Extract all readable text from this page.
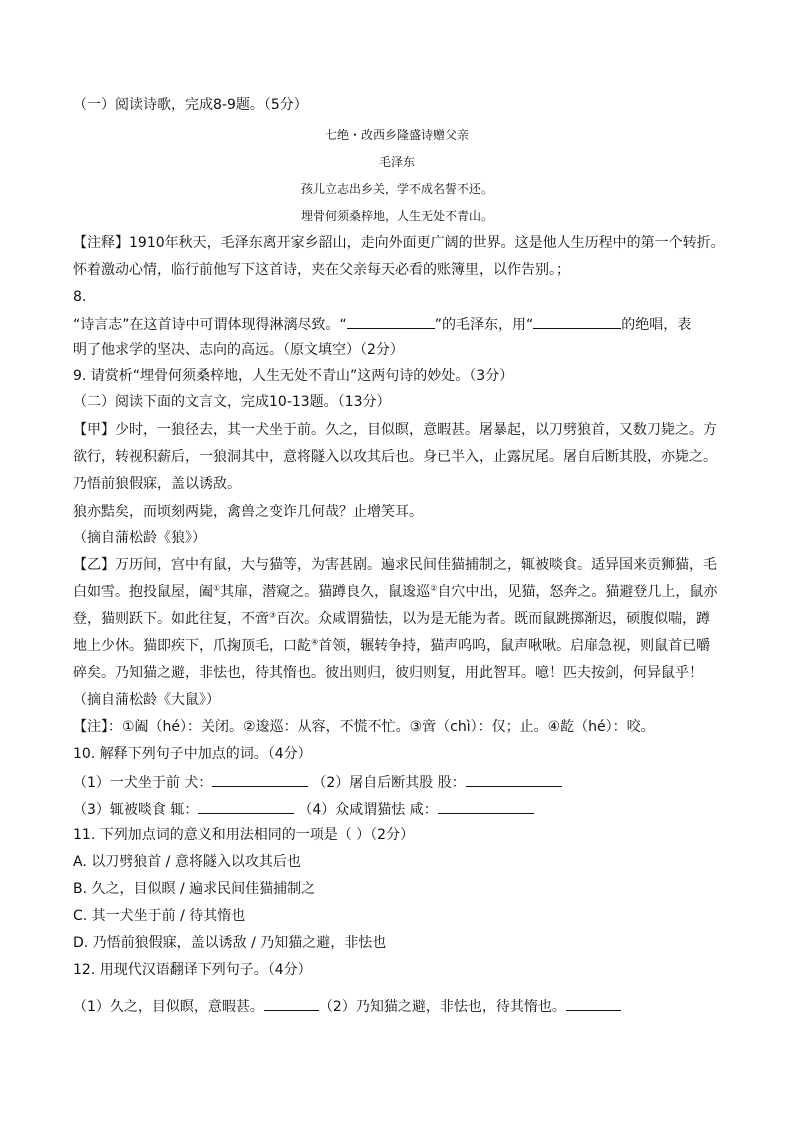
（一）阅读诗歌，完成8-9题。（5分）
七绝・改西乡隆盛诗赠父亲
毛泽东
孩儿立志出乡关，学不成名誓不还。
埋骨何须桑梓地，人生无处不青山。
【注释】1910年秋天，毛泽东离开家乡韶山，走向外面更广阔的世界。这是他人生历程中的第一个转折。
怀着激动心情，临行前他写下这首诗，夹在父亲每天必看的账簿里，以作告别。；
8.
“诗言志”在这首诗中可谓体现得淋漓尽致。“	”的毛泽东，用“	的绝唱，表
明了他求学的坚决、志向的高远。（原文填空）（2分）
9. 请赏析“埋骨何须桑梓地，人生无处不青山”这两句诗的妙处。（3分）
（二）阅读下面的文言文，完成10-13题。（13分）
【甲】少时，一狼径去，其一犬坐于前。久之，目似瞑，意暇甚。屠暴起，以刀劈狼首，又数刀毙之。方
欲行，转视积薪后，一狼洞其中，意将隧入以攻其后也。身已半入，止露尻尾。屠自后断其股，亦毙之。
乃悟前狼假寐，盖以诱敌。
狼亦黠矣，而顷刻两毙，禽兽之变诈几何哉？止增笑耳。
（摘自蒲松龄《狼》）
【乙】万历间，宫中有鼠，大与猫等，为害甚剧。遍求民间佳猫捕制之，辄被啖食。适异国来贡狮猫，毛
白如雪。抱投鼠屋，阖①其扉，潜窥之。猫蹲良久，鼠逡巡②自穴中出，见猫，怒奔之。猫避登几上，鼠亦
登，猫则跃下。如此往复，不啻③百次。众咸谓猫怯，以为是无能为者。既而鼠跳掷渐迟，硕腹似喘，蹲
地上少休。猫即疾下，爪掬顶毛，口龁④首领，辗转争持，猫声呜呜，鼠声啾啾。启扉急视，则鼠首已嚼
碎矣。乃知猫之避，非怯也，待其惰也。彼出则归，彼归则复，用此智耳。噫！匹夫按剑，何异鼠乎！
（摘自蒲松龄《大鼠》）
【注】：①阖（hé）：关闭。②逡巡：从容，不慌不忙。③啻（chì）：仅；止。④龁（hé）：咬。
10. 解释下列句子中加点的词。（4分）
（1）一犬坐于前 犬：	（2）屠自后断其股 股：
（3）辄被啖食 辄：	（4）众咸谓猫怯 咸：
11. 下列加点词的意义和用法相同的一项是（ ）（2分）
A. 以刀劈狼首 / 意将隧入以攻其后也
B. 久之，目似瞑 / 遍求民间佳猫捕制之
C. 其一犬坐于前 / 待其惰也
D. 乃悟前狼假寐，盖以诱敌 / 乃知猫之避，非怯也
12. 用现代汉语翻译下列句子。（4分）
（1）久之，目似瞑，意暇甚。	（2）乃知猫之避，非怯也，待其惰也。
